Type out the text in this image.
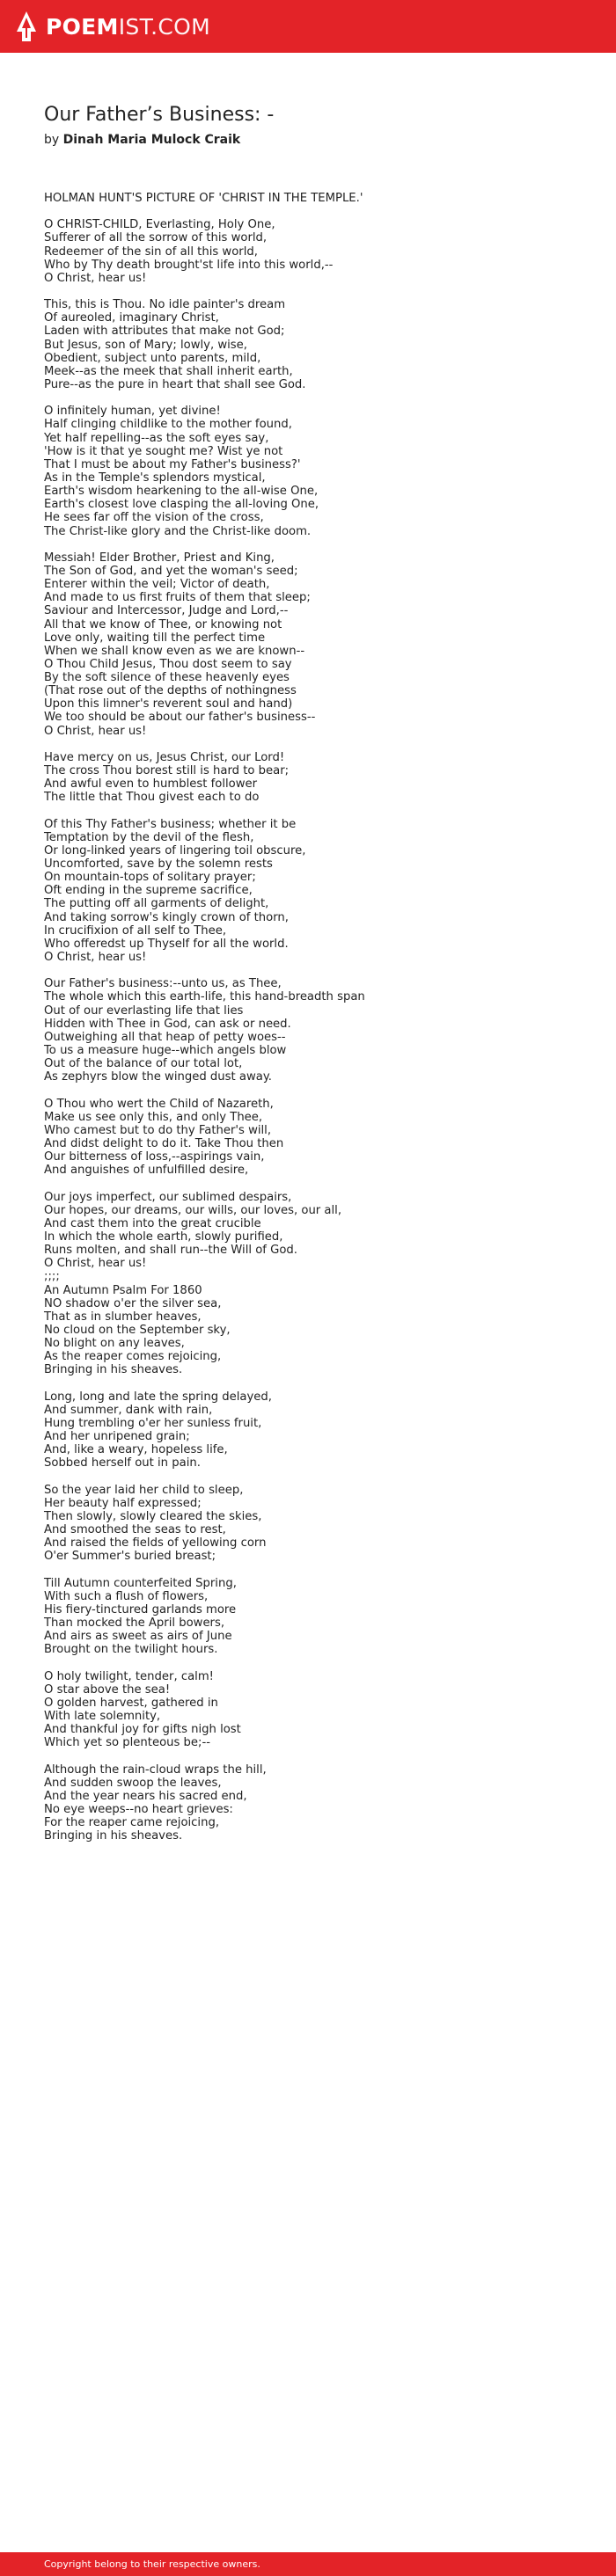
POEMIST.COM
Our Father’s Business: -
by Dinah Maria Mulock Craik
HOLMAN HUNT'S PICTURE OF 'CHRIST IN THE TEMPLE.'
O CHRIST-CHILD, Everlasting, Holy One,
Sufferer of all the sorrow of this world,
Redeemer of the sin of all this world,
Who by Thy death brought'st life into this world,--
O Christ, hear us!
This, this is Thou. No idle painter's dream
Of aureoled, imaginary Christ,
Laden with attributes that make not God;
But Jesus, son of Mary; lowly, wise,
Obedient, subject unto parents, mild,
Meek--as the meek that shall inherit earth,
Pure--as the pure in heart that shall see God.
O infinitely human, yet divine!
Half clinging childlike to the mother found,
Yet half repelling--as the soft eyes say,
'How is it that ye sought me? Wist ye not
That I must be about my Father's business?'
As in the Temple's splendors mystical,
Earth's wisdom hearkening to the all-wise One,
Earth's closest love clasping the all-loving One,
He sees far off the vision of the cross,
The Christ-like glory and the Christ-like doom.
Messiah! Elder Brother, Priest and King,
The Son of God, and yet the woman's seed;
Enterer within the veil; Victor of death,
And made to us first fruits of them that sleep;
Saviour and Intercessor, Judge and Lord,--
All that we know of Thee, or knowing not
Love only, waiting till the perfect time
When we shall know even as we are known--
O Thou Child Jesus, Thou dost seem to say
By the soft silence of these heavenly eyes
(That rose out of the depths of nothingness
Upon this limner's reverent soul and hand)
We too should be about our father's business--
O Christ, hear us!
Have mercy on us, Jesus Christ, our Lord!
The cross Thou borest still is hard to bear;
And awful even to humblest follower
The little that Thou givest each to do
Of this Thy Father's business; whether it be
Temptation by the devil of the flesh,
Or long-linked years of lingering toil obscure,
Uncomforted, save by the solemn rests
On mountain-tops of solitary prayer;
Oft ending in the supreme sacrifice,
The putting off all garments of delight,
And taking sorrow's kingly crown of thorn,
In crucifixion of all self to Thee,
Who offeredst up Thyself for all the world.
O Christ, hear us!
Our Father's business:--unto us, as Thee,
The whole which this earth-life, this hand-breadth span
Out of our everlasting life that lies
Hidden with Thee in God, can ask or need.
Outweighing all that heap of petty woes--
To us a measure huge--which angels blow
Out of the balance of our total lot,
As zephyrs blow the winged dust away.
O Thou who wert the Child of Nazareth,
Make us see only this, and only Thee,
Who camest but to do thy Father's will,
And didst delight to do it. Take Thou then
Our bitterness of loss,--aspirings vain,
And anguishes of unfulfilled desire,
Our joys imperfect, our sublimed despairs,
Our hopes, our dreams, our wills, our loves, our all,
And cast them into the great crucible
In which the whole earth, slowly purified,
Runs molten, and shall run--the Will of God.
O Christ, hear us!
;;;;
An Autumn Psalm For 1860
NO shadow o'er the silver sea,
That as in slumber heaves,
No cloud on the September sky,
No blight on any leaves,
As the reaper comes rejoicing,
Bringing in his sheaves.
Long, long and late the spring delayed,
And summer, dank with rain,
Hung trembling o'er her sunless fruit,
And her unripened grain;
And, like a weary, hopeless life,
Sobbed herself out in pain.
So the year laid her child to sleep,
Her beauty half expressed;
Then slowly, slowly cleared the skies,
And smoothed the seas to rest,
And raised the fields of yellowing corn
O'er Summer's buried breast;
Till Autumn counterfeited Spring,
With such a flush of flowers,
His fiery-tinctured garlands more
Than mocked the April bowers,
And airs as sweet as airs of June
Brought on the twilight hours.
O holy twilight, tender, calm!
O star above the sea!
O golden harvest, gathered in
With late solemnity,
And thankful joy for gifts nigh lost
Which yet so plenteous be;--
Although the rain-cloud wraps the hill,
And sudden swoop the leaves,
And the year nears his sacred end,
No eye weeps--no heart grieves:
For the reaper came rejoicing,
Bringing in his sheaves.
Copyright belong to their respective owners.
